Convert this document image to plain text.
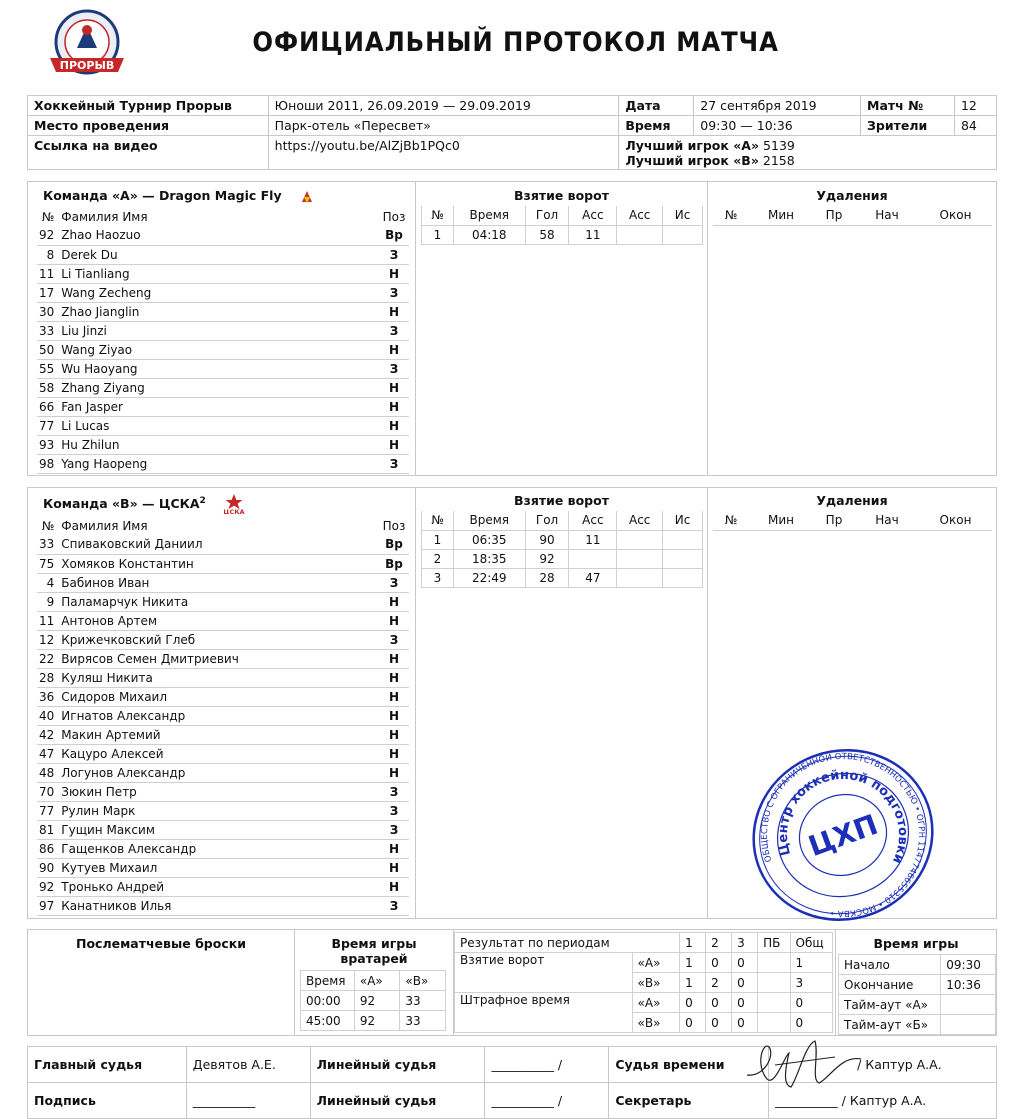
ПРОРЫВ
ОФИЦИАЛЬНЫЙ ПРОТОКОЛ МАТЧА
Хоккейный Турнир Прорыв	Юноши 2011, 26.09.2019 — 29.09.2019	Дата	27 сентября 2019	Матч №	12
Место проведения	Парк-отель «Пересвет»	Время	09:30 — 10:36	Зрители	84
Ссылка на видео	https://youtu.be/AlZjBb1PQc0	Лучший игрок «А» 5139
Лучший игрок «В» 2158			
Команда «А» — Dragon Magic Fly
№	Фамилия Имя	Поз
92	Zhao Haozuo	Вр
8	Derek Du	З
11	Li Tianliang	Н
17	Wang Zecheng	З
30	Zhao Jianglin	Н
33	Liu Jinzi	З
50	Wang Ziyao	Н
55	Wu Haoyang	З
58	Zhang Ziyang	Н
66	Fan Jasper	Н
77	Li Lucas	Н
93	Hu Zhilun	Н
98	Yang Haopeng	З
Взятие ворот
№	Время	Гол	Асс	Асс	Ис
1	04:18	58	11		
Удаления
№	Мин	Пр	Нач	Окон
Команда «В» — ЦСКА$^2$
ЦСКА
№	Фамилия Имя	Поз
33	Спиваковский Даниил	Вр
75	Хомяков Константин	Вр
4	Бабинов Иван	З
9	Паламарчук Никита	Н
11	Антонов Артем	Н
12	Крижечковский Глеб	З
22	Вирясов Семен Дмитриевич	Н
28	Куляш Никита	Н
36	Сидоров Михаил	Н
40	Игнатов Александр	Н
42	Макин Артемий	Н
47	Кацуро Алексей	Н
48	Логунов Александр	Н
70	Зюкин Петр	З
77	Рулин Марк	З
81	Гущин Максим	З
86	Гащенков Александр	Н
90	Кутуев Михаил	Н
92	Тронько Андрей	Н
97	Канатников Илья	З
Взятие ворот
№	Время	Гол	Асс	Асс	Ис
1	06:35	90	11		
2	18:35	92			
3	22:49	28	47		
Удаления
№	Мин	Пр	Нач	Окон
Послематчевые броски	Время игры вратарей
Время	«А»	«В»
00:00	92	33
45:00	92	33
Результат по периодам		1	2	3	ПБ	Общ
Взятие ворот	«А»	1	0	0		1
	«В»	1	2	0		3
Штрафное время	«А»	0	0	0		0
	«В»	0	0	0		0
Время игры
Начало	09:30
Окончание	10:36
Тайм-аут «А»	
Тайм-аут «Б»	
Главный судья	Девятов А.Е.	Линейный судья	__________ /	Судья времени	/ Каптур А.А.
Подпись	__________	Линейный судья	__________ /	Секретарь	__________ / Каптур А.А.
ОБЩЕСТВО С ОГРАНИЧЕННОЙ ОТВЕТСТВЕННОСТЬЮ • ОГРН 1147746655310 • МОСКВА •
Центр хоккейной подготовки
ЦХП
